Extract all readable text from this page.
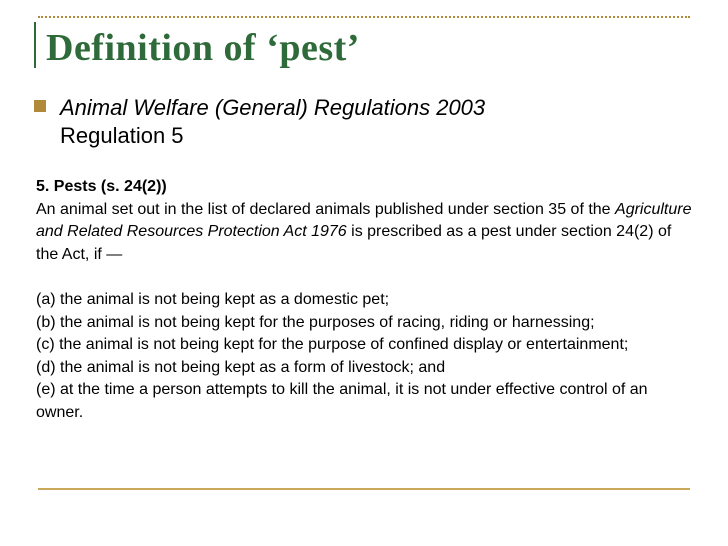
Definition of ‘pest’
Animal Welfare (General) Regulations 2003
Regulation 5

5. Pests (s. 24(2))

An animal set out in the list of declared animals published under section 35 of the Agriculture and Related Resources Protection Act 1976 is prescribed as a pest under section 24(2) of the Act, if —

(a) the animal is not being kept as a domestic pet;

(b) the animal is not being kept for the purposes of racing, riding or harnessing;

(c) the animal is not being kept for the purpose of confined display or entertainment;

(d) the animal is not being kept as a form of livestock; and

(e) at the time a person attempts to kill the animal, it is not under effective control of an owner.
